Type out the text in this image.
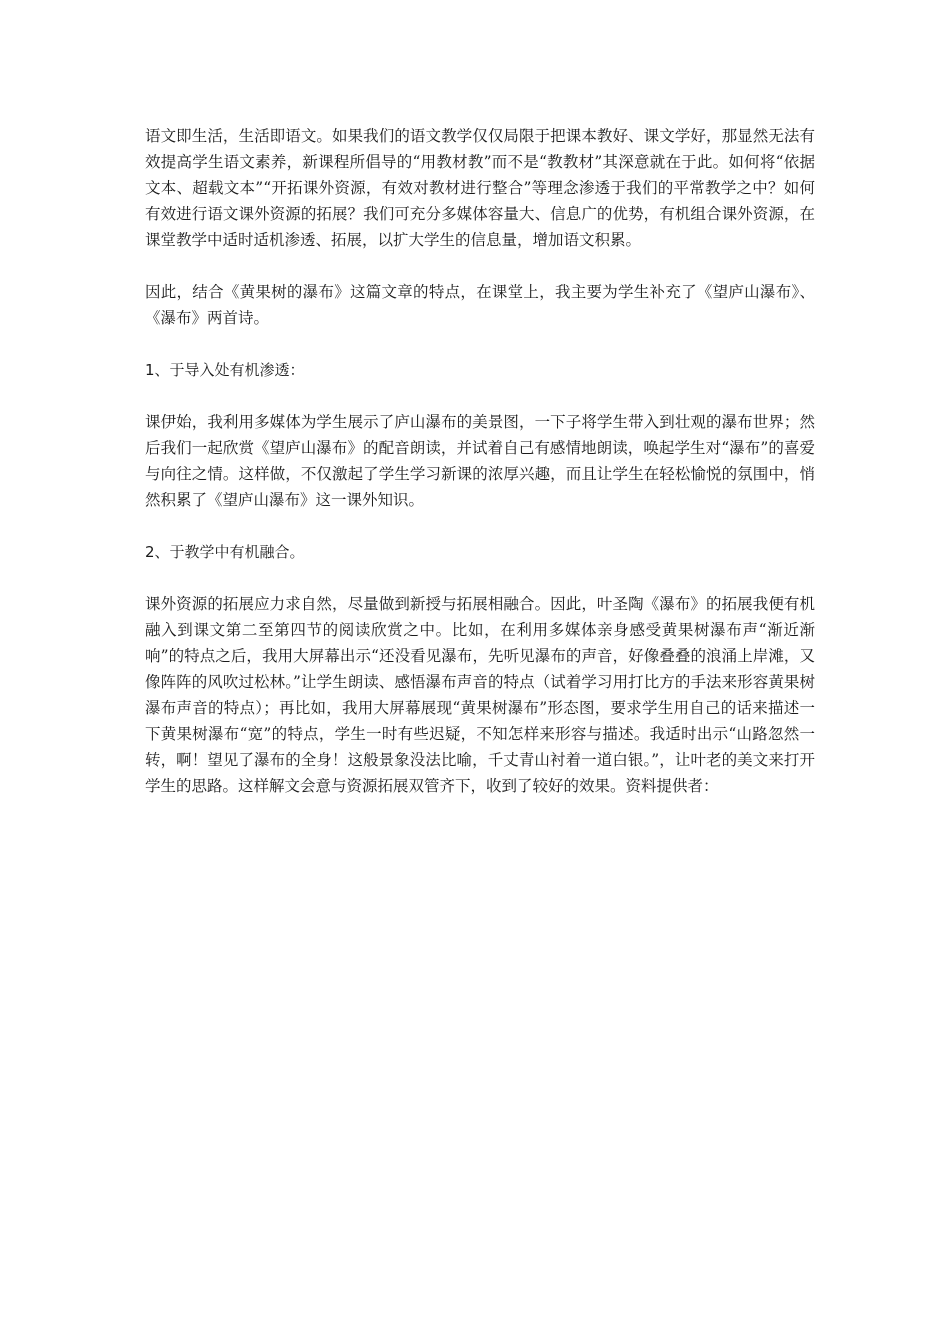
语文即生活，生活即语文。如果我们的语文教学仅仅局限于把课本教好、课文学好，那显然无法有效提高学生语文素养，新课程所倡导的“用教材教”而不是“教教材”其深意就在于此。如何将“依据文本、超载文本”“开拓课外资源，有效对教材进行整合”等理念渗透于我们的平常教学之中？如何有效进行语文课外资源的拓展？我们可充分多媒体容量大、信息广的优势，有机组合课外资源，在课堂教学中适时适机渗透、拓展，以扩大学生的信息量，增加语文积累。

因此，结合《黄果树的瀑布》这篇文章的特点，在课堂上，我主要为学生补充了《望庐山瀑布》、《瀑布》两首诗。

1、于导入处有机渗透：

课伊始，我利用多媒体为学生展示了庐山瀑布的美景图，一下子将学生带入到壮观的瀑布世界；然后我们一起欣赏《望庐山瀑布》的配音朗读，并试着自己有感情地朗读，唤起学生对“瀑布”的喜爱与向往之情。这样做，不仅激起了学生学习新课的浓厚兴趣，而且让学生在轻松愉悦的氛围中，悄然积累了《望庐山瀑布》这一课外知识。

2、于教学中有机融合。

课外资源的拓展应力求自然，尽量做到新授与拓展相融合。因此，叶圣陶《瀑布》的拓展我便有机融入到课文第二至第四节的阅读欣赏之中。比如，在利用多媒体亲身感受黄果树瀑布声“渐近渐响”的特点之后，我用大屏幕出示“还没看见瀑布，先听见瀑布的声音，好像叠叠的浪涌上岸滩，又像阵阵的风吹过松林。”让学生朗读、感悟瀑布声音的特点（试着学习用打比方的手法来形容黄果树瀑布声音的特点）；再比如，我用大屏幕展现“黄果树瀑布”形态图，要求学生用自己的话来描述一下黄果树瀑布“宽”的特点，学生一时有些迟疑，不知怎样来形容与描述。我适时出示“山路忽然一转，啊！望见了瀑布的全身！这般景象没法比喻，千丈青山衬着一道白银。”，让叶老的美文来打开学生的思路。这样解文会意与资源拓展双管齐下，收到了较好的效果。资料提供者：
